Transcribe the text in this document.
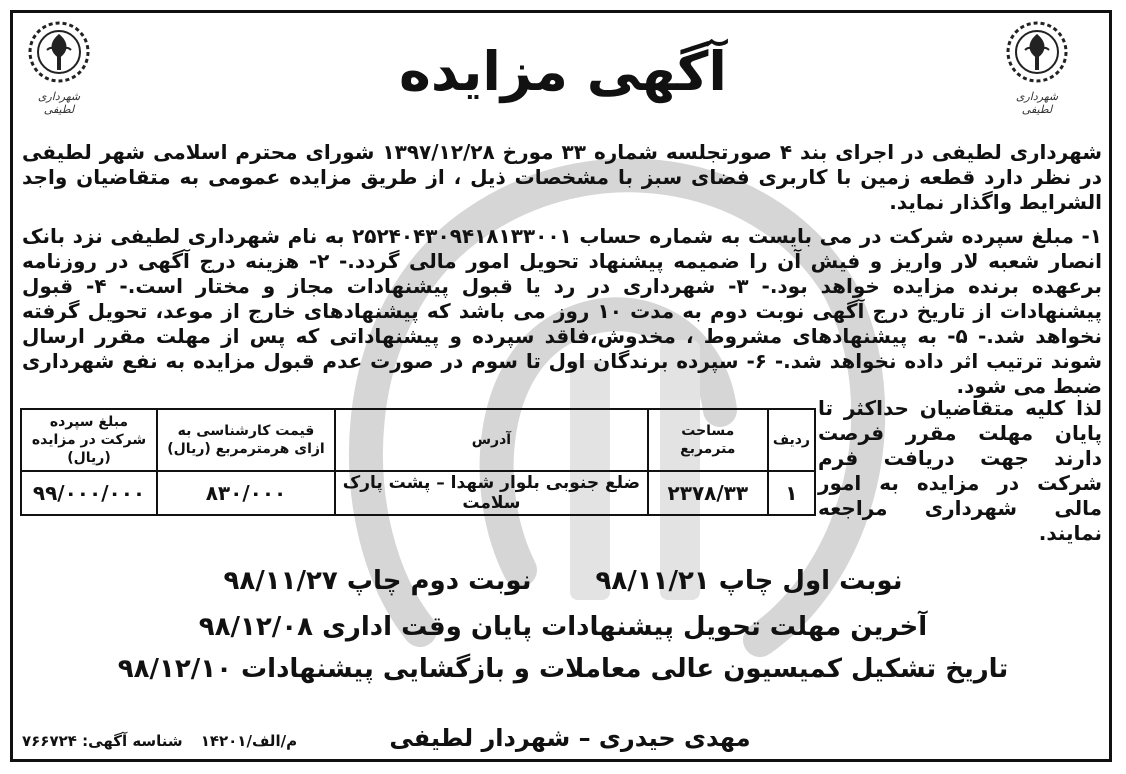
شهرداری لطیفی
شهرداری لطیفی
آگهی مزایده
شهرداری لطیفی در اجرای بند ۴ صورتجلسه شماره ۳۳ مورخ ۱۳۹۷/۱۲/۲۸ شورای محترم اسلامی شهر لطیفی در نظر دارد قطعه زمین با کاربری فضای سبز با مشخصات ذیل ، از طریق مزایده عمومی به متقاضیان واجد الشرایط واگذار نماید.
۱- مبلغ سپرده شرکت در می بایست به شماره حساب ۲۵۲۴۰۴۳۰۹۴۱۸۱۳۳۰۰۱ به نام شهرداری لطیفی نزد بانک انصار شعبه لار واریز و فیش آن را ضمیمه پیشنهاد تحویل امور مالی گردد.- ۲- هزینه درج آگهی در روزنامه برعهده برنده مزایده خواهد بود.- ۳- شهرداری در رد یا قبول پیشنهادات مجاز و مختار است.- ۴- قبول پیشنهادات از تاریخ درج آگهی نوبت دوم به مدت ۱۰ روز می باشد که پیشنهادهای خارج از موعد، تحویل گرفته نخواهد شد.- ۵- به پیشنهادهای مشروط ، مخدوش،فاقد سپرده و پیشنهاداتی که پس از مهلت مقرر ارسال شوند ترتیب اثر داده نخواهد شد.- ۶- سپرده برندگان اول تا سوم در صورت عدم قبول مزایده به نفع شهرداری ضبط می شود.
لذا کلیه متقاضیان حداکثر تا پایان مهلت مقرر فرصت دارند جهت دریافت فرم شرکت در مزایده به امور مالی شهرداری مراجعه نمایند.
ردیف	مساحت مترمربع	آدرس	قیمت کارشناسی به ازای هرمترمربع (ریال)	مبلغ سپرده شرکت در مزایده (ریال)
۱	۲۳۷۸/۳۳	ضلع جنوبی بلوار شهدا – پشت پارک سلامت	۸۳۰/۰۰۰	۹۹/۰۰۰/۰۰۰
نوبت اول چاپ ۹۸/۱۱/۲۱نوبت دوم چاپ ۹۸/۱۱/۲۷
آخرین مهلت تحویل پیشنهادات پایان وقت اداری ۹۸/۱۲/۰۸
تاریخ تشکیل کمیسیون عالی معاملات و بازگشایی پیشنهادات ۹۸/۱۲/۱۰
مهدی حیدری – شهردار لطیفی
م/الف/۱۴۲۰۱شناسه آگهی: ۷۶۶۷۲۴
